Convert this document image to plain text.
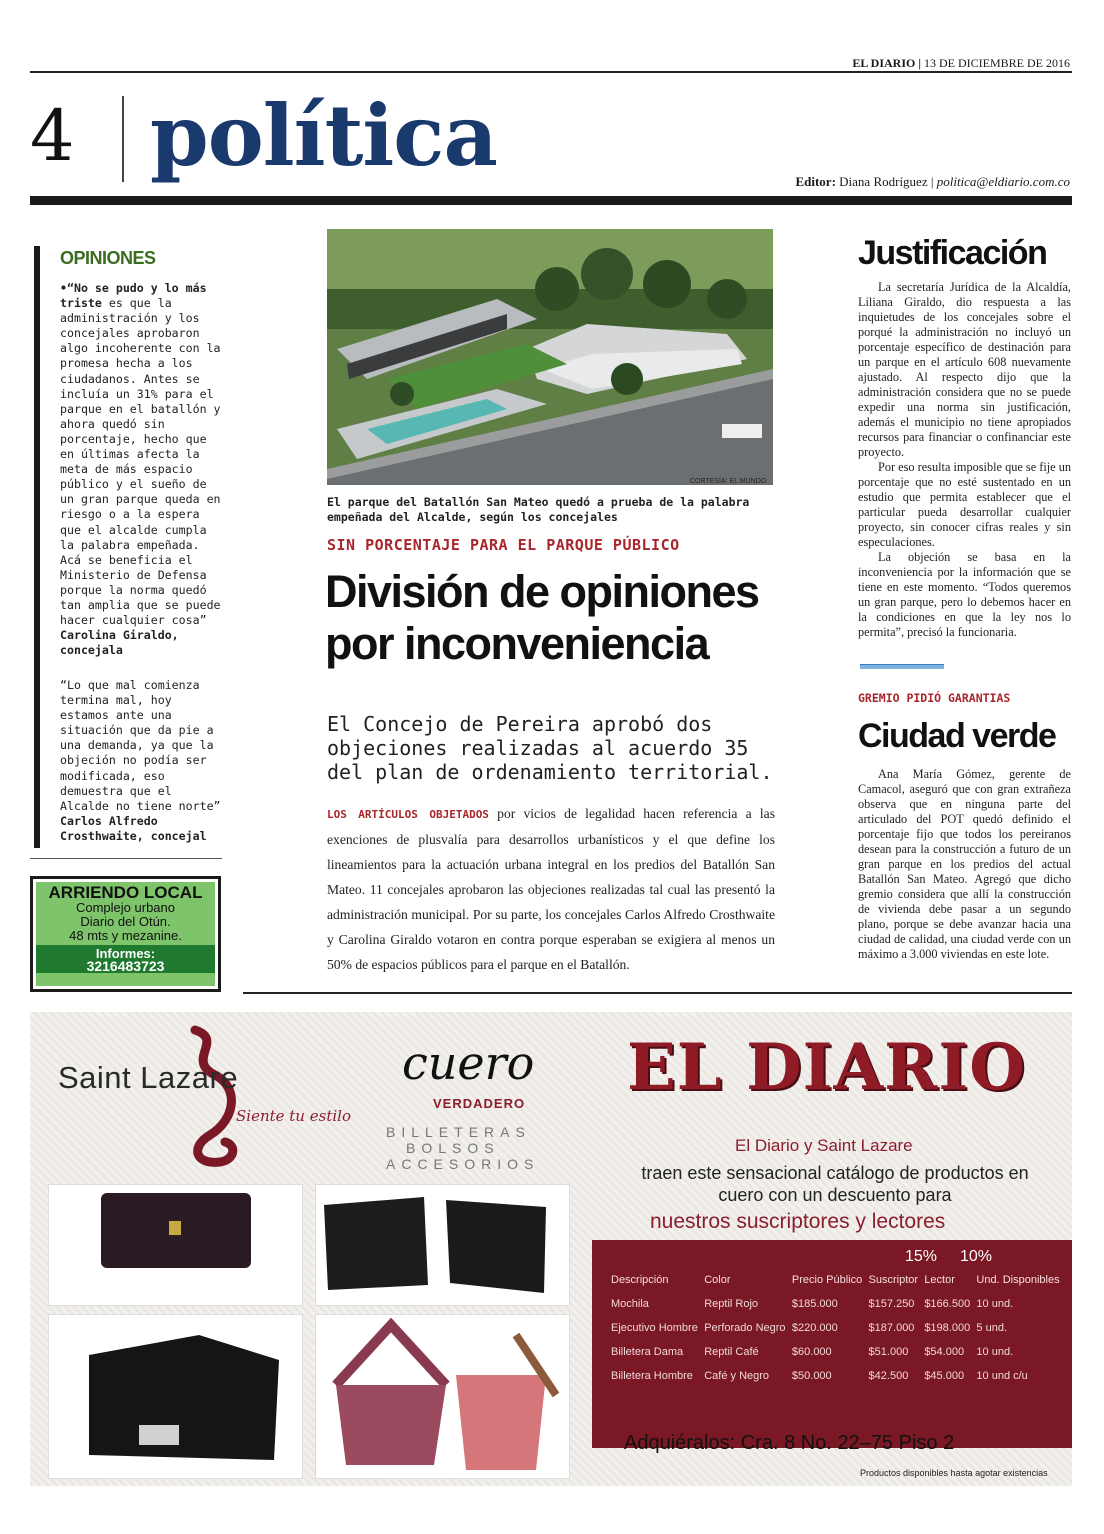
EL DIARIO | 13 DE DICIEMBRE DE 2016
4 política	Editor: Diana Rodríguez | politica@eldiario.com.co
OPINIONES
•“No se pudo y lo más triste es que la administración y los concejales aprobaron algo incoherente con la promesa hecha a los ciudadanos. Antes se incluía un 31% para el parque en el batallón y ahora quedó sin porcentaje, hecho que en últimas afecta la meta de más espacio público y el sueño de un gran parque queda en riesgo o a la espera que el alcalde cumpla la palabra empeñada. Acá se beneficia el Ministerio de Defensa porque la norma quedó tan amplia que se puede hacer cualquier cosa”
Carolina Giraldo, concejala
“Lo que mal comienza termina mal, hoy estamos ante una situación que da pie a una demanda, ya que la objeción no podía ser modificada, eso demuestra que el Alcalde no tiene norte”
Carlos Alfredo Crosthwaite, concejal
ARRIENDO LOCAL
Complejo urbano
Diario del Otún.
48 mts y mezanine.
Informes:
3216483723
CORTESÍA: EL MUNDO
El parque del Batallón San Mateo quedó a prueba de la palabra empeñada del Alcalde, según los concejales
SIN PORCENTAJE PARA EL PARQUE PÚBLICO
División de opiniones por inconveniencia
El Concejo de Pereira aprobó dos objeciones realizadas al acuerdo 35 del plan de ordenamiento territorial.
LOS ARTÍCULOS OBJETADOS por vicios de legalidad hacen referencia a las exenciones de plusvalía para desarrollos urbanísticos y el que define los lineamientos para la actuación urbana integral en los predios del Batallón San Mateo. 11 concejales aprobaron las objeciones realizadas tal cual las presentó la administración municipal. Por su parte, los concejales Carlos Alfredo Crosthwaite y Carolina Giraldo votaron en contra porque esperaban se exigiera al menos un 50% de espacios públicos para el parque en el Batallón.
Justificación

La secretaría Jurídica de la Alcaldía, Liliana Giraldo, dio respuesta a las inquietudes de los concejales sobre el porqué la administración no incluyó un porcentaje específico de destinación para un parque en el artículo 608 nuevamente ajustado. Al respecto dijo que la administración considera que no se puede expedir una norma sin justificación, además el municipio no tiene apropiados recursos para financiar o confinanciar este proyecto.

Por eso resulta imposible que se fije un porcentaje que no esté sustentado en un estudio que permita establecer que el particular pueda desarrollar cualquier proyecto, sin conocer cifras reales y sin especulaciones.

La objeción se basa en la inconveniencia por la información que se tiene en este momento. “Todos queremos un gran parque, pero lo debemos hacer en la condiciones en que la ley nos lo permita”, precisó la funcionaria.

GREMIO PIDIÓ GARANTIAS
Ciudad verde

Ana María Gómez, gerente de Camacol, aseguró que con gran extrañeza observa que en ninguna parte del articulado del POT quedó definido el porcentaje fijo que todos los pereiranos desean para la construcción a futuro de un gran parque en los predios del actual Batallón San Mateo. Agregó que dicho gremio considera que allí la construcción de vivienda debe pasar a un segundo plano, porque se debe avanzar hacia una ciudad de calidad, una ciudad verde con un máximo a 3.000 viviendas en este lote.

Saint Lazare
Siente tu estilo
cuero
VERDADERO
BILLETERAS
BOLSOS
ACCESORIOS
EL DIARIO
El Diario y Saint Lazare
traen este sensacional catálogo de productos en cuero con un descuento para
nuestros suscriptores y lectores
15% 10%
Descripción	Color	Precio Público	Suscriptor	Lector	Und. Disponibles
Mochila	Reptil Rojo	$185.000	$157.250	$166.500	10 und.
Ejecutivo Hombre	Perforado Negro	$220.000	$187.000	$198.000	5 und.
Billetera Dama	Reptil Café	$60.000	$51.000	$54.000	10 und.
Billetera Hombre	Café y Negro	$50.000	$42.500	$45.000	10 und c/u
Adquiéralos: Cra. 8 No. 22–75 Piso 2
Productos disponibles hasta agotar existencias
